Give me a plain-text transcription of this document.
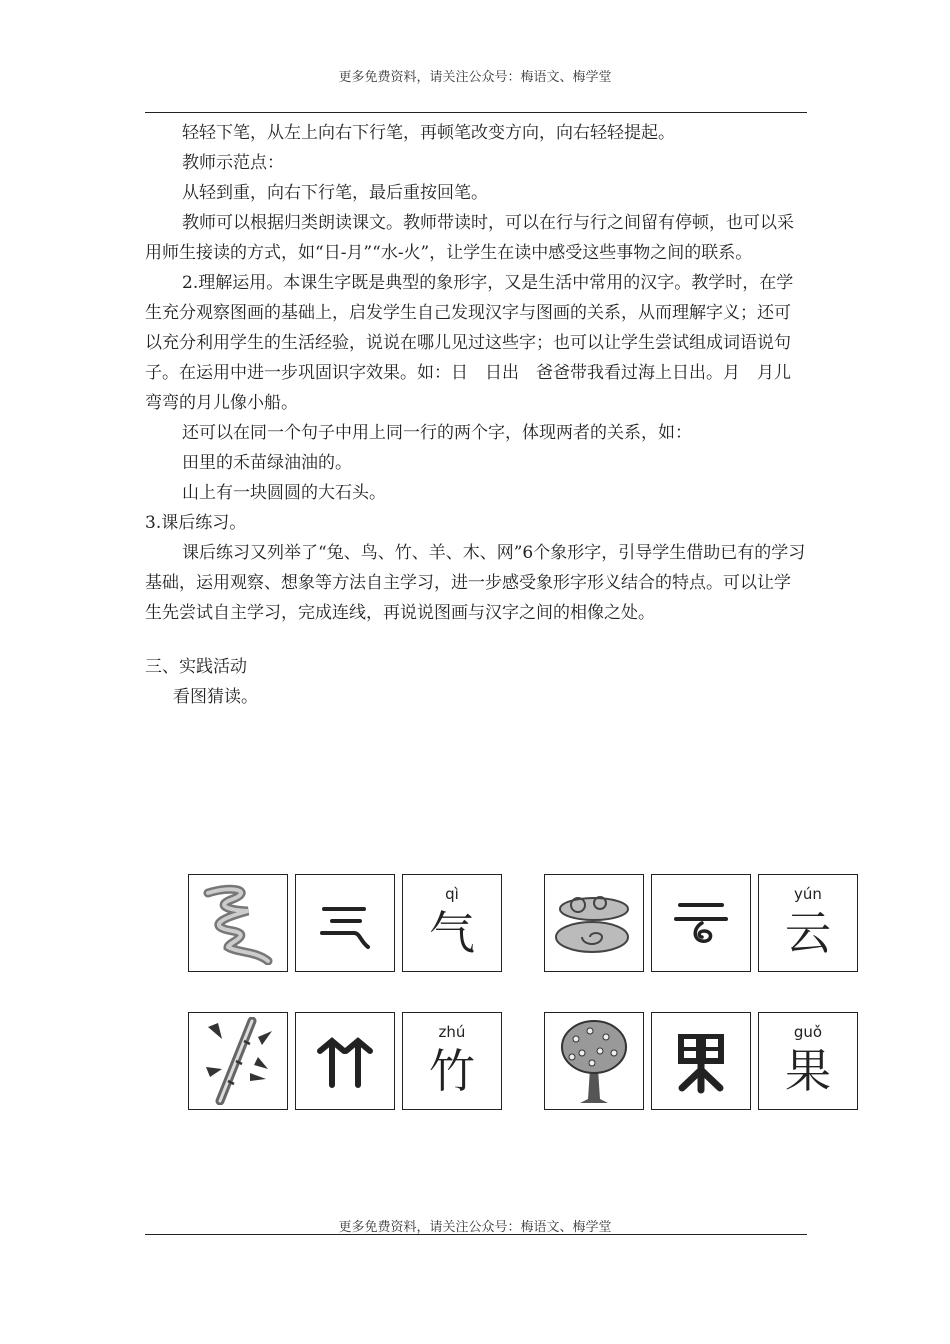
更多免费资料，请关注公众号：梅语文、梅学堂

轻轻下笔，从左上向右下行笔，再顿笔改变方向，向右轻轻提起。

教师示范点：

从轻到重，向右下行笔，最后重按回笔。

教师可以根据归类朗读课文。教师带读时，可以在行与行之间留有停顿，也可以采用师生接读的方式，如“日-月”“水-火”，让学生在读中感受这些事物之间的联系。

2.理解运用。本课生字既是典型的象形字，又是生活中常用的汉字。教学时，在学生充分观察图画的基础上，启发学生自己发现汉字与图画的关系，从而理解字义；还可以充分利用学生的生活经验，说说在哪儿见过这些字；也可以让学生尝试组成词语说句子。在运用中进一步巩固识字效果。如：日　日出　爸爸带我看过海上日出。月　月儿　弯弯的月儿像小船。

还可以在同一个句子中用上同一行的两个字，体现两者的关系，如：

田里的禾苗绿油油的。

山上有一块圆圆的大石头。

3.课后练习。

课后练习又列举了“兔、鸟、竹、羊、木、网”6个象形字，引导学生借助已有的学习基础，运用观察、想象等方法自主学习，进一步感受象形字形义结合的特点。可以让学生先尝试自主学习，完成连线，再说说图画与汉字之间的相像之处。

三、实践活动

看图猜读。

qì
气
yún
云
zhú
竹
guǒ
果
更多免费资料，请关注公众号：梅语文、梅学堂
